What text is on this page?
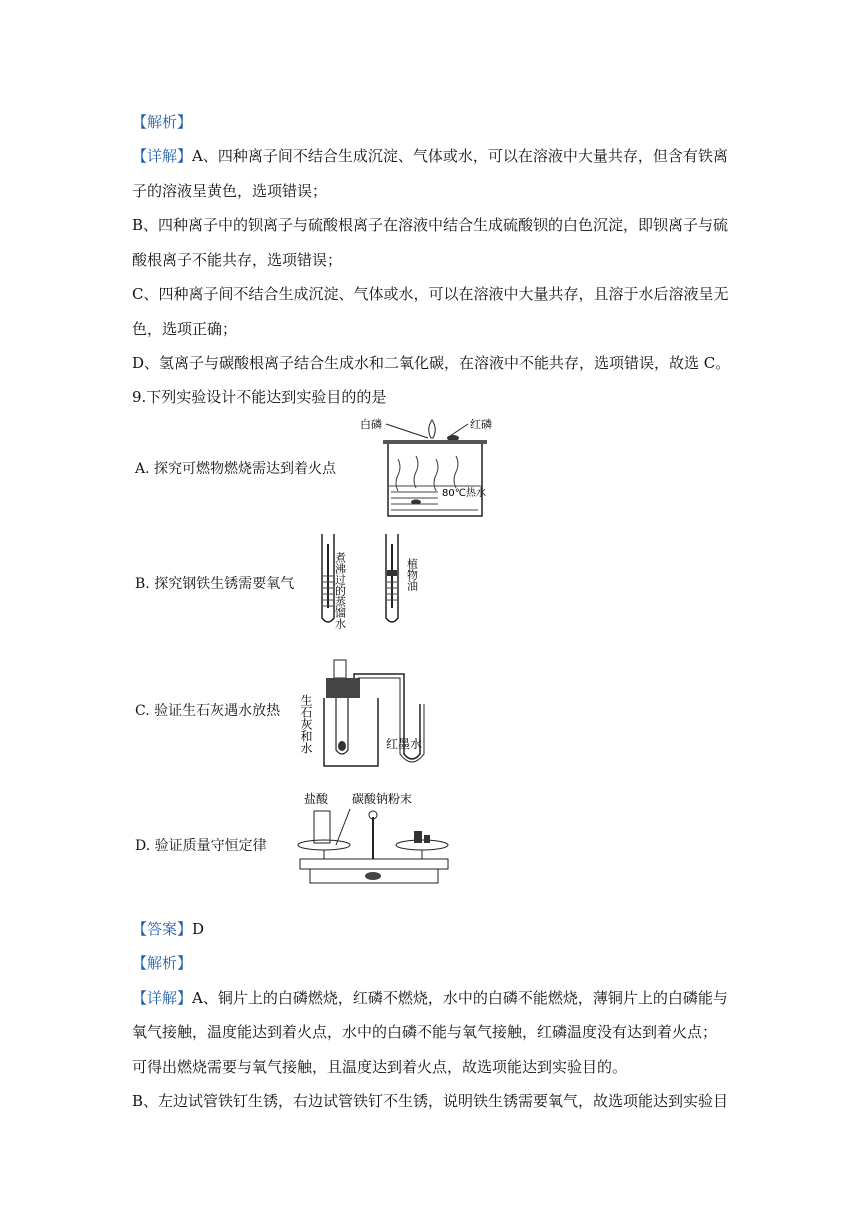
【解析】
【详解】A、四种离子间不结合生成沉淀、气体或水，可以在溶液中大量共存，但含有铁离
子的溶液呈黄色，选项错误；
B、四种离子中的钡离子与硫酸根离子在溶液中结合生成硫酸钡的白色沉淀，即钡离子与硫
酸根离子不能共存，选项错误；
C、四种离子间不结合生成沉淀、气体或水，可以在溶液中大量共存，且溶于水后溶液呈无
色，选项正确；
D、氢离子与碳酸根离子结合生成水和二氧化碳，在溶液中不能共存，选项错误，故选 C。
9.下列实验设计不能达到实验目的的是
A. 探究可燃物燃烧需达到着火点
白磷	红磷
80℃热水
B. 探究钢铁生锈需要氧气	煮沸过的蒸馏水	植物油
C. 验证生石灰遇水放热 生石灰和水	红墨水
D. 验证质量守恒定律
盐酸 碳酸钠粉末
【答案】D
【解析】
【详解】A、铜片上的白磷燃烧，红磷不燃烧，水中的白磷不能燃烧，薄铜片上的白磷能与
氧气接触，温度能达到着火点，水中的白磷不能与氧气接触，红磷温度没有达到着火点；
可得出燃烧需要与氧气接触，且温度达到着火点，故选项能达到实验目的。
B、左边试管铁钉生锈，右边试管铁钉不生锈，说明铁生锈需要氧气，故选项能达到实验目
